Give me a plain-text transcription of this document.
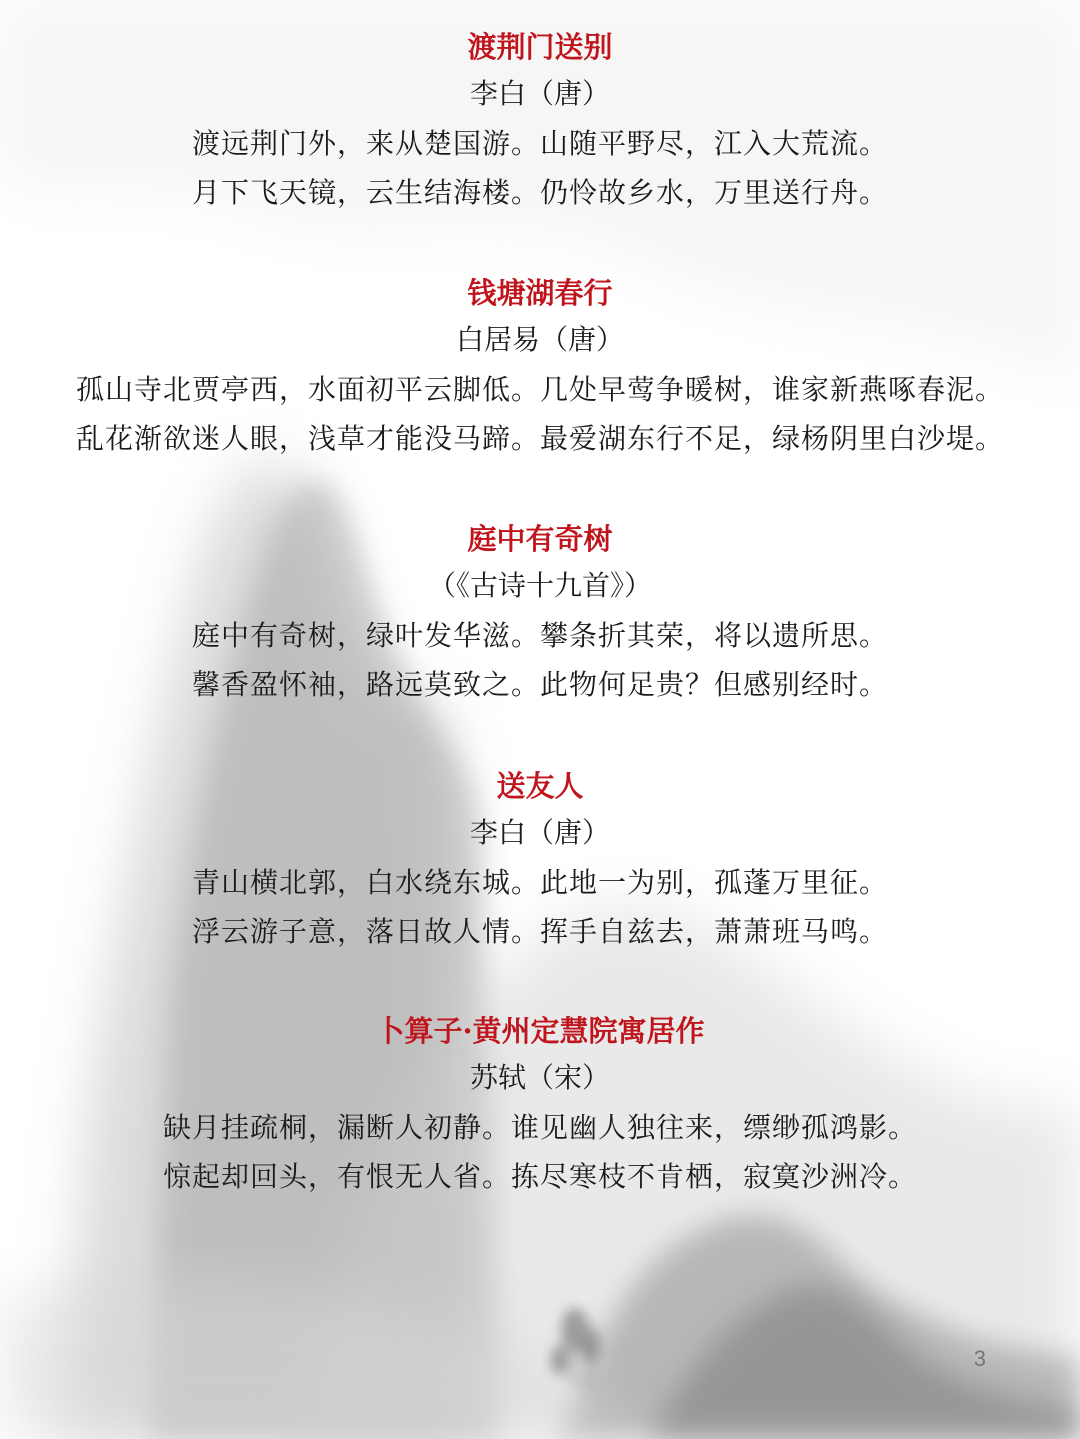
渡荆门送别
李白（唐）
渡远荆门外，来从楚国游。山随平野尽，江入大荒流。
月下飞天镜，云生结海楼。仍怜故乡水，万里送行舟。
钱塘湖春行
白居易（唐）
孤山寺北贾亭西，水面初平云脚低。几处早莺争暖树，谁家新燕啄春泥。
乱花渐欲迷人眼，浅草才能没马蹄。最爱湖东行不足，绿杨阴里白沙堤。
庭中有奇树
（《古诗十九首》）
庭中有奇树，绿叶发华滋。攀条折其荣，将以遗所思。
馨香盈怀袖，路远莫致之。此物何足贵？但感别经时。
送友人
李白（唐）
青山横北郭，白水绕东城。此地一为别，孤蓬万里征。
浮云游子意，落日故人情。挥手自兹去，萧萧班马鸣。
卜算子·黄州定慧院寓居作
苏轼（宋）
缺月挂疏桐，漏断人初静。谁见幽人独往来，缥缈孤鸿影。
惊起却回头，有恨无人省。拣尽寒枝不肯栖，寂寞沙洲冷。
3
